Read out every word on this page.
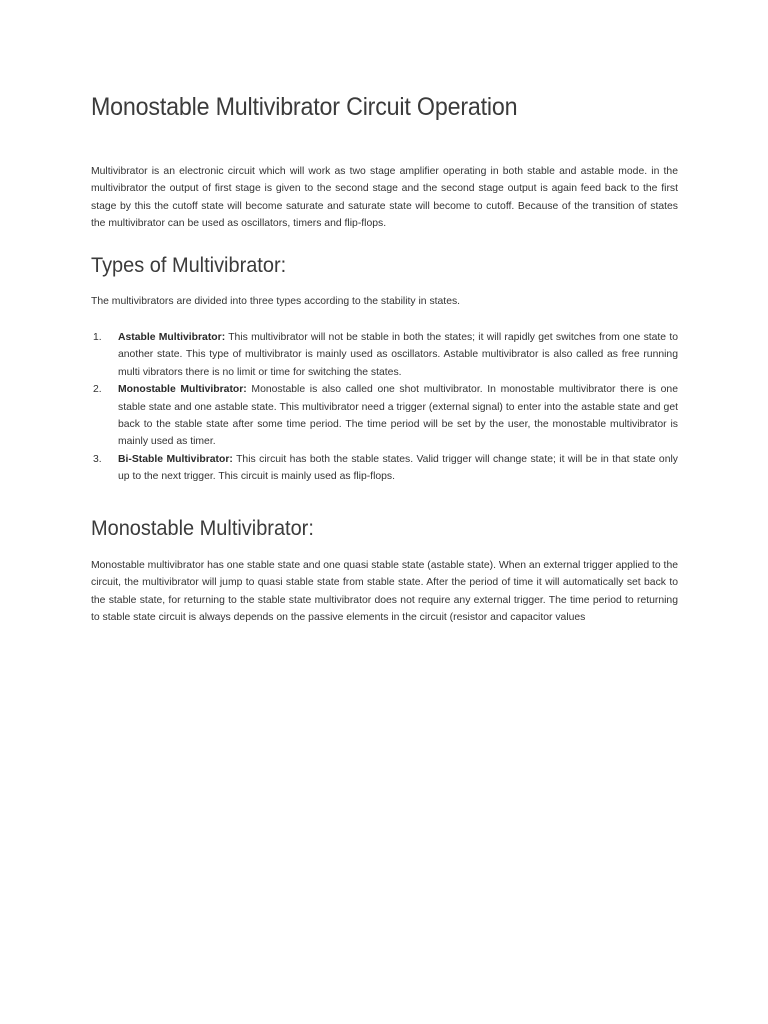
Monostable Multivibrator Circuit Operation

Multivibrator is an electronic circuit which will work as two stage amplifier operating in both stable and astable mode. in the multivibrator the output of first stage is given to the second stage and the second stage output is again feed back to the first stage by this the cutoff state will become saturate and saturate state will become to cutoff. Because of the transition of states the multivibrator can be used as oscillators, timers and flip-flops.

Types of Multivibrator:

The multivibrators are divided into three types according to the stability in states.

1. Astable Multivibrator: This multivibrator will not be stable in both the states; it will rapidly get switches from one state to another state. This type of multivibrator is mainly used as oscillators. Astable multivibrator is also called as free running multi vibrators there is no limit or time for switching the states.
2. Monostable Multivibrator: Monostable is also called one shot multivibrator. In monostable multivibrator there is one stable state and one astable state. This multivibrator need a trigger (external signal) to enter into the astable state and get back to the stable state after some time period. The time period will be set by the user, the monostable multivibrator is mainly used as timer.
3. Bi-Stable Multivibrator: This circuit has both the stable states. Valid trigger will change state; it will be in that state only up to the next trigger. This circuit is mainly used as flip-flops.
Monostable Multivibrator:

Monostable multivibrator has one stable state and one quasi stable state (astable state). When an external trigger applied to the circuit, the multivibrator will jump to quasi stable state from stable state. After the period of time it will automatically set back to the stable state, for returning to the stable state multivibrator does not require any external trigger. The time period to returning to stable state circuit is always depends on the passive elements in the circuit (resistor and capacitor values
